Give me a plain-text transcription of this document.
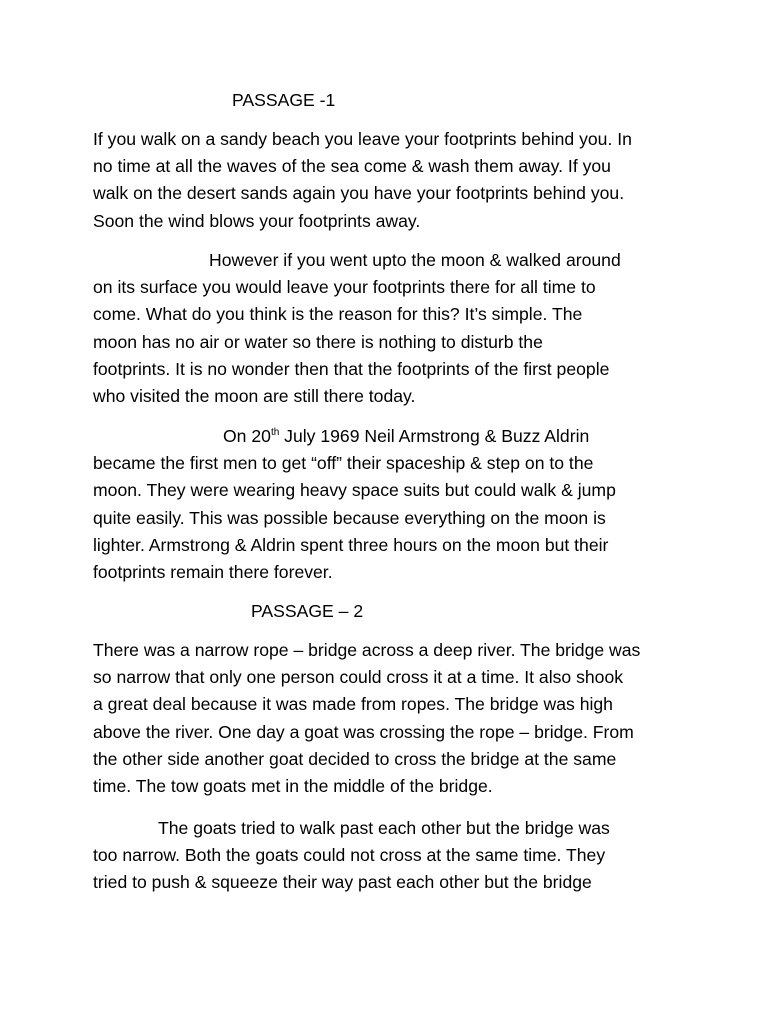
PASSAGE -1
If you walk on a sandy beach you leave your footprints behind you. In
no time at all the waves of the sea come & wash them away. If you
walk on the desert sands again you have your footprints behind you.
Soon the wind blows your footprints away.
However if you went upto the moon & walked around
on its surface you would leave your footprints there for all time to
come. What do you think is the reason for this? It’s simple. The
moon has no air or water so there is nothing to disturb the
footprints. It is no wonder then that the footprints of the first people
who visited the moon are still there today.
On 20th July 1969 Neil Armstrong & Buzz Aldrin
became the first men to get “off” their spaceship & step on to the
moon. They were wearing heavy space suits but could walk & jump
quite easily. This was possible because everything on the moon is
lighter. Armstrong & Aldrin spent three hours on the moon but their
footprints remain there forever.
PASSAGE – 2
There was a narrow rope – bridge across a deep river. The bridge was
so narrow that only one person could cross it at a time. It also shook
a great deal because it was made from ropes. The bridge was high
above the river. One day a goat was crossing the rope – bridge. From
the other side another goat decided to cross the bridge at the same
time. The tow goats met in the middle of the bridge.
The goats tried to walk past each other but the bridge was
too narrow. Both the goats could not cross at the same time. They
tried to push & squeeze their way past each other but the bridge
